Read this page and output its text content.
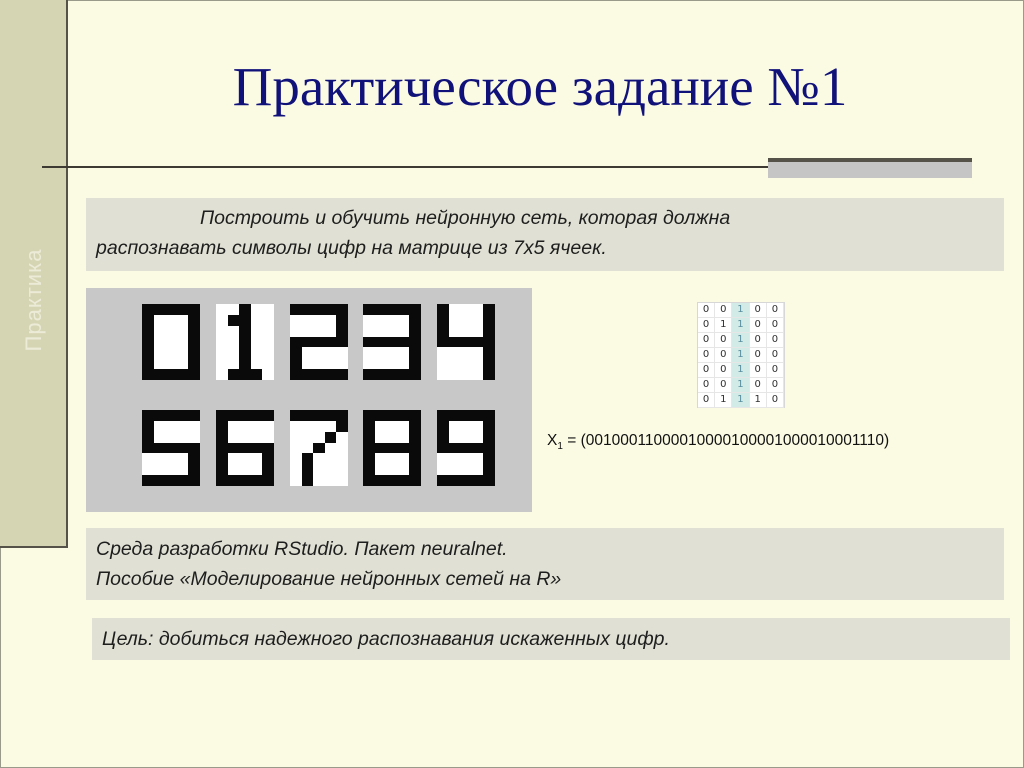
Практика
Практическое задание №1
Построить и обучить нейронную сеть, которая должна
распознавать символы цифр на матрице из 7х5 ячеек.
0	0	1	0	0
0	1	1	0	0
0	0	1	0	0
0	0	1	0	0
0	0	1	0	0
0	0	1	0	0
0	1	1	1	0
$X_1 = (00100011000010000100001000010001110)$
Среда разработки RStudio. Пакет neuralnet.
Пособие «Моделирование нейронных сетей на R»
Цель: добиться надежного распознавания искаженных цифр.
